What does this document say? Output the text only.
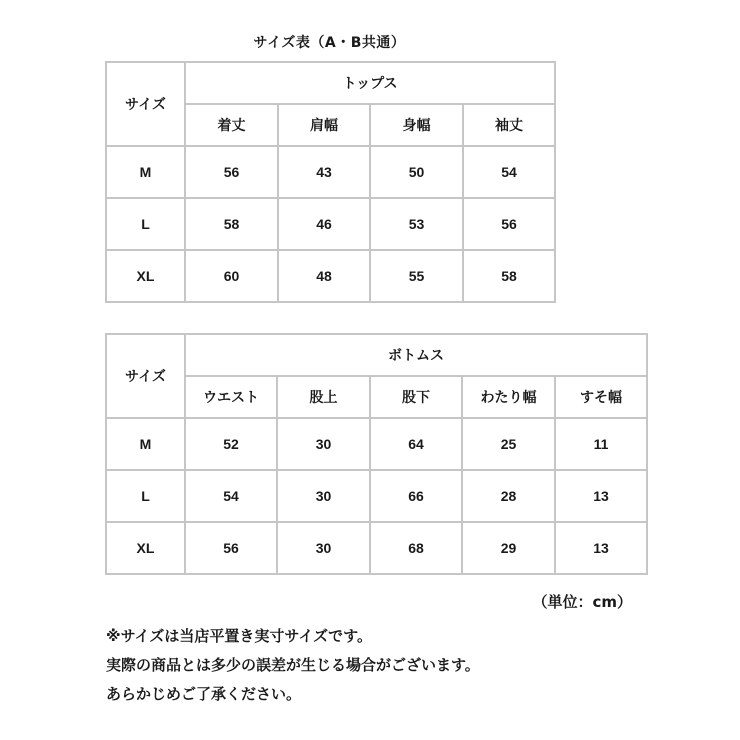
サイズ表（A・B共通）
サイズ	トップス			
	着丈	肩幅	身幅	袖丈
M	56	43	50	54
L	58	46	53	56
XL	60	48	55	58
サイズ	ボトムス				
	ウエスト	股上	股下	わたり幅	すそ幅
M	52	30	64	25	11
L	54	30	66	28	13
XL	56	30	68	29	13
（単位：cm）
※サイズは当店平置き実寸サイズです。
実際の商品とは多少の誤差が生じる場合がございます。
あらかじめご了承ください。
